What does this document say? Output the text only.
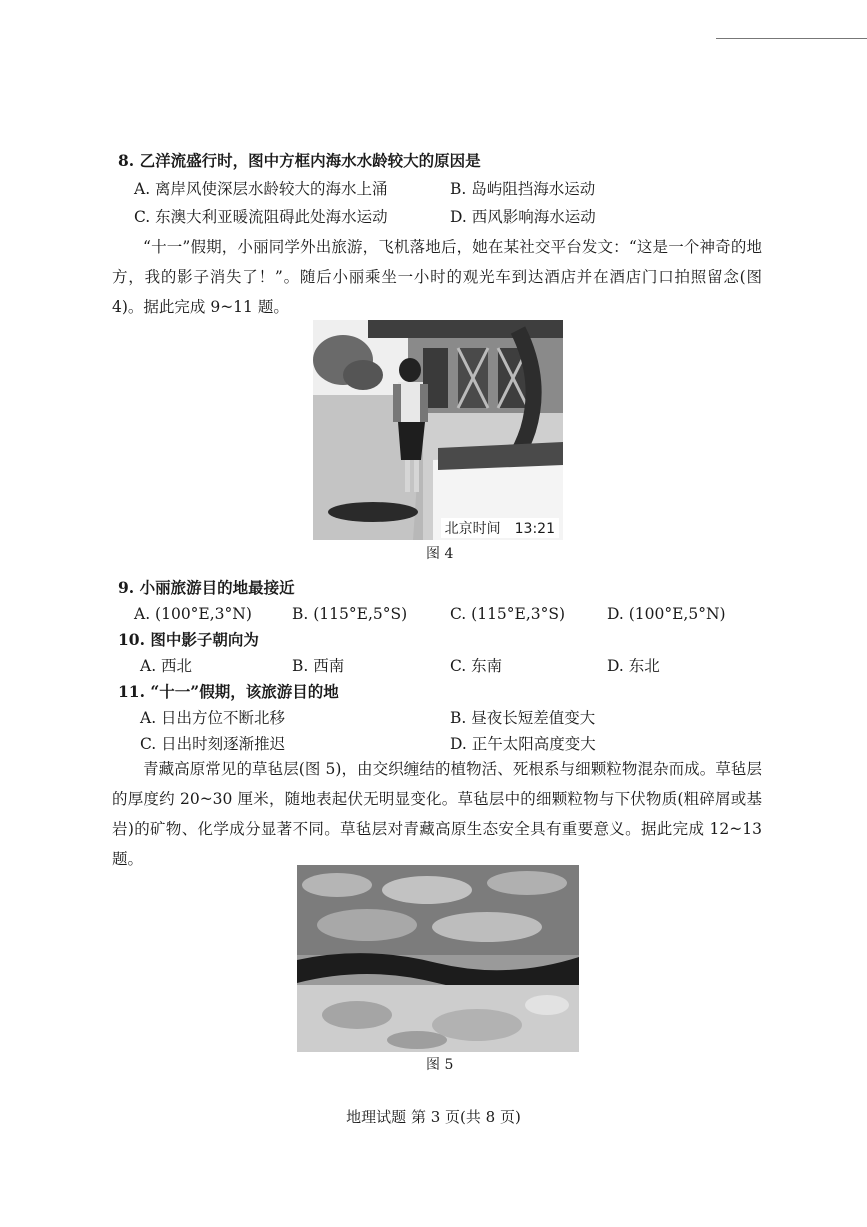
8. 乙洋流盛行时，图中方框内海水水龄较大的原因是
A. 离岸风使深层水龄较大的海水上涌	B. 岛屿阻挡海水运动
C. 东澳大利亚暖流阻碍此处海水运动	D. 西风影响海水运动
“十一”假期，小丽同学外出旅游，飞机落地后，她在某社交平台发文：“这是一个神奇的地方，我的影子消失了！”。随后小丽乘坐一小时的观光车到达酒店并在酒店门口拍照留念(图 4)。据此完成 9~11 题。
北京时间　13:21
图 4
9. 小丽旅游目的地最接近
A. (100°E,3°N)	B. (115°E,5°S)	C. (115°E,3°S)	D. (100°E,5°N)
10. 图中影子朝向为
A. 西北	B. 西南	C. 东南	D. 东北
11. “十一”假期，该旅游目的地
A. 日出方位不断北移	B. 昼夜长短差值变大
C. 日出时刻逐渐推迟	D. 正午太阳高度变大
青藏高原常见的草毡层(图 5)，由交织缠结的植物活、死根系与细颗粒物混杂而成。草毡层的厚度约 20~30 厘米，随地表起伏无明显变化。草毡层中的细颗粒物与下伏物质(粗碎屑或基岩)的矿物、化学成分显著不同。草毡层对青藏高原生态安全具有重要意义。据此完成 12~13 题。
图 5
地理试题 第 3 页(共 8 页)
